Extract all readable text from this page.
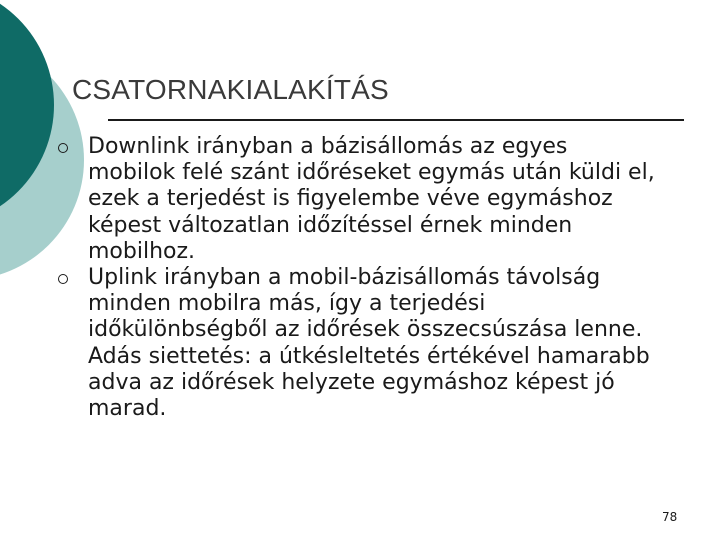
CSATORNAKIALAKÍTÁS
Downlink irányban a bázisállomás az egyes mobilok felé szánt időréseket egymás után küldi el, ezek a terjedést is figyelembe véve egymáshoz képest változatlan időzítéssel érnek minden mobilhoz.
Uplink irányban a mobil-bázisállomás távolság minden mobilra más, így a terjedési időkülönbségből az időrések összecsúszása lenne. Adás siettetés: a útkésleltetés értékével hamarabb adva az időrések helyzete egymáshoz képest jó marad.
78
